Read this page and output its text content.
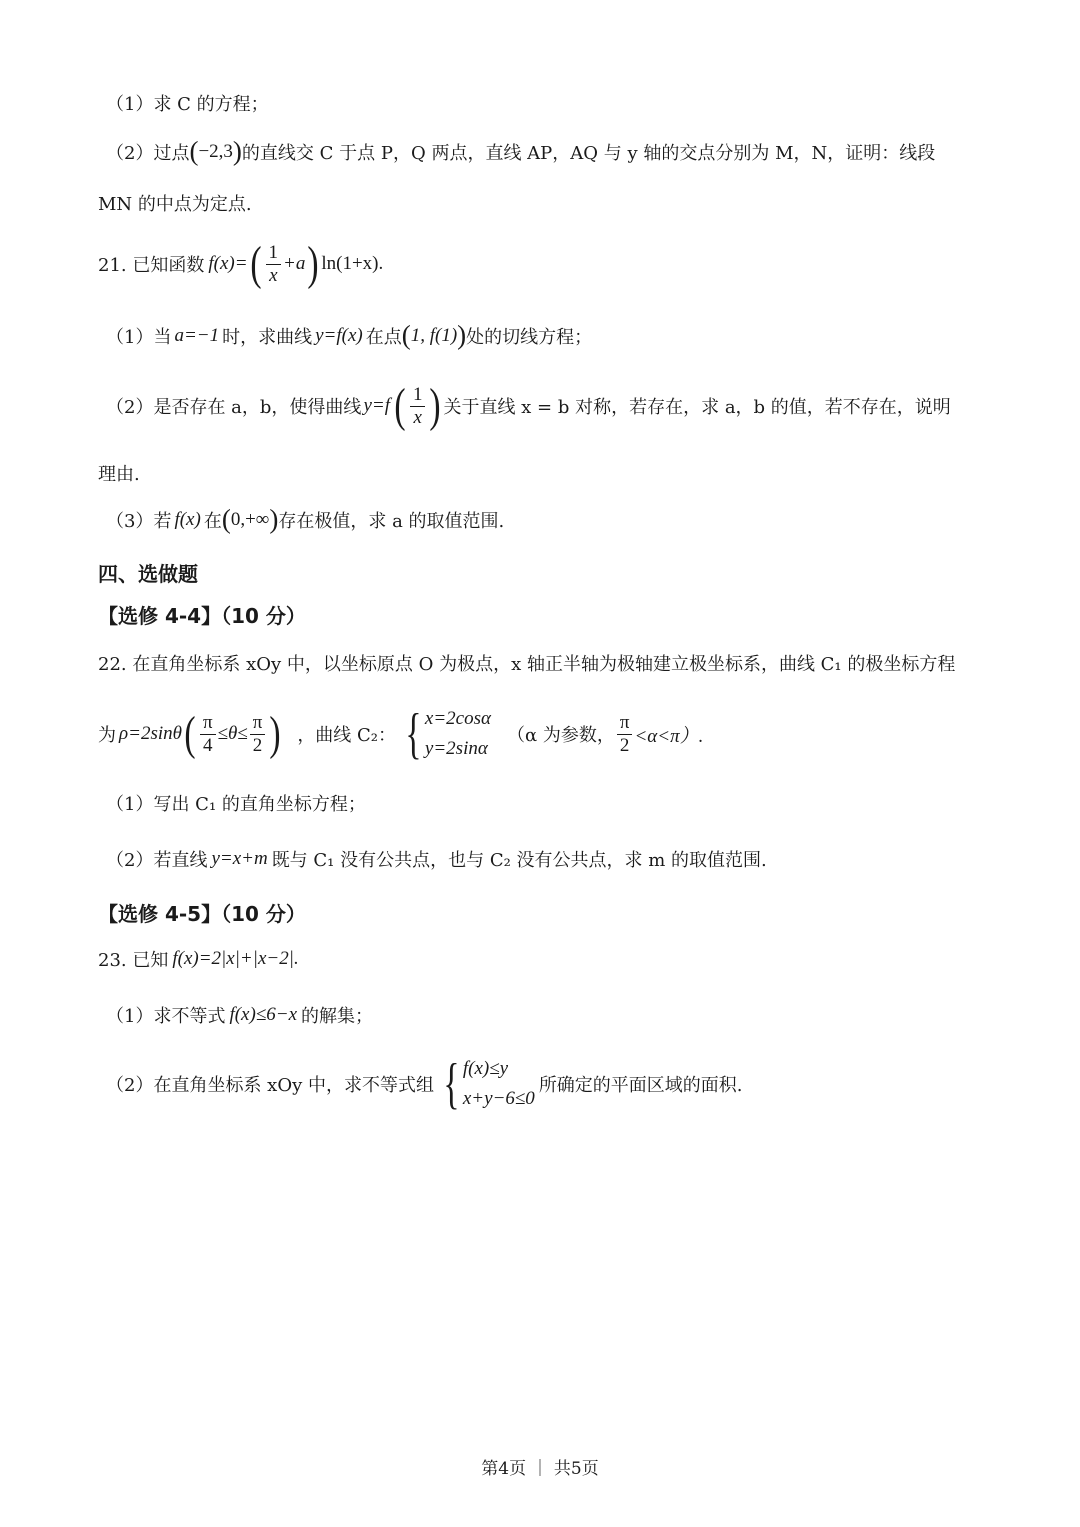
（1）求 C 的方程；
（2）过点 ( −2,3 ) 的直线交 C 于点 P，Q 两点，直线 AP，AQ 与 y 轴的交点分别为 M，N，证明：线段
MN 的中点为定点.
21. 已知函数 f(x)= ( $\frac{1}{x} +a$ ) ln(1+x).
（1）当 a=−1 时，求曲线 y=f(x) 在点 ( 1, f(1) ) 处的切线方程；
（2）是否存在 a，b，使得曲线 y=f ( $\frac{1}{x}$ ) 关于直线 x = b 对称，若存在，求 a，b 的值，若不存在，说明
理由.
（3）若 f(x) 在 ( 0,+∞ ) 存在极值，求 a 的取值范围.
四、选做题
【选修 4-4】（10 分）
22. 在直角坐标系 xOy 中，以坐标原点 O 为极点，x 轴正半轴为极轴建立极坐标系，曲线 C₁ 的极坐标方程
为 ρ=2sinθ ( $\frac{\pi}{4} \le\theta\le \frac{\pi}{2}$ ) ，曲线 C₂： { x=2cosα
y=2sinα
（α 为参数， $\frac{\pi}{2} <\alpha<\pi$）.
（1）写出 C₁ 的直角坐标方程；
（2）若直线 y=x+m 既与 C₁ 没有公共点，也与 C₂ 没有公共点，求 m 的取值范围.
【选修 4-5】（10 分）
23. 已知 f(x)=2|x|+|x−2|.
（1）求不等式 f(x)≤6−x 的解集；
（2）在直角坐标系 xOy 中，求不等式组 { f(x)≤y
x+y−6≤0
所确定的平面区域的面积.
第4页 ｜ 共5页
